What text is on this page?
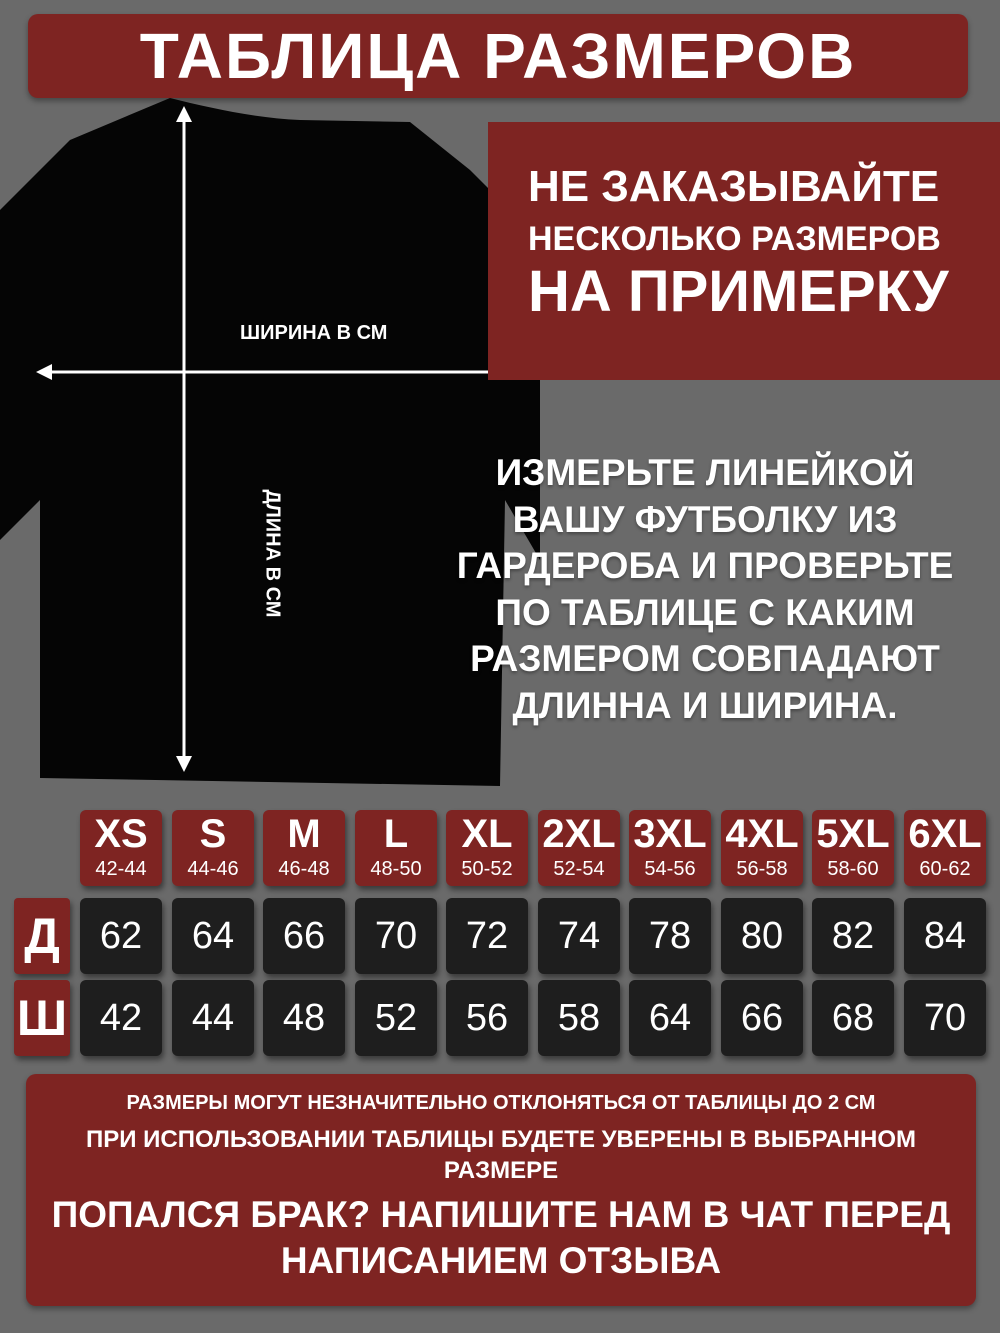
ТАБЛИЦА РАЗМЕРОВ
ШИРИНА В СМ
ДЛИНА В СМ
НЕ ЗАКАЗЫВАЙТЕ
НЕСКОЛЬКО РАЗМЕРОВ
НА ПРИМЕРКУ
ИЗМЕРЬТЕ ЛИНЕЙКОЙ
ВАШУ ФУТБОЛКУ ИЗ
ГАРДЕРОБА И ПРОВЕРЬТЕ
ПО ТАБЛИЦЕ С КАКИМ
РАЗМЕРОМ СОВПАДАЮТ
ДЛИННА И ШИРИНА.
Д
Ш
XS
42-44
62
42
S
44-46
64
44
M
46-48
66
48
L
48-50
70
52
XL
50-52
72
56
2XL
52-54
74
58
3XL
54-56
78
64
4XL
56-58
80
66
5XL
58-60
82
68
6XL
60-62
84
70
РАЗМЕРЫ МОГУТ НЕЗНАЧИТЕЛЬНО ОТКЛОНЯТЬСЯ ОТ ТАБЛИЦЫ ДО 2 СМ
ПРИ ИСПОЛЬЗОВАНИИ ТАБЛИЦЫ БУДЕТЕ УВЕРЕНЫ В ВЫБРАННОМ
РАЗМЕРЕ
ПОПАЛСЯ БРАК? НАПИШИТЕ НАМ В ЧАТ ПЕРЕД
НАПИСАНИЕМ ОТЗЫВА
